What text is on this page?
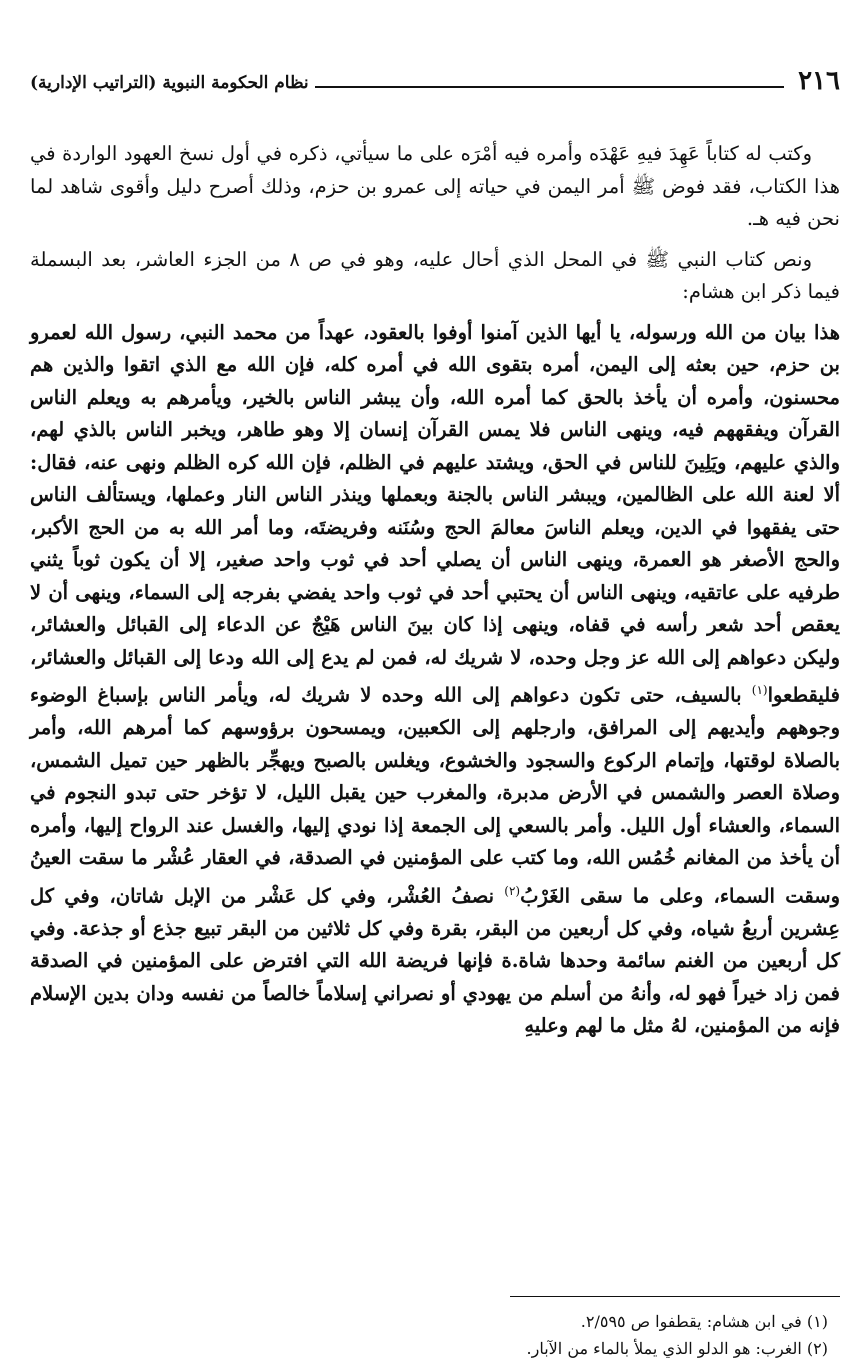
٢١٦
نظام الحكومة النبوية (التراتيب الإدارية)

وكتب له كتاباً عَهِدَ فيهِ عَهْدَه وأمره فيه أمْرَه على ما سيأتي، ذكره في أول نسخ العهود الواردة في هذا الكتاب، فقد فوض ﷺ أمر اليمن في حياته إلى عمرو بن حزم، وذلك أصرح دليل وأقوى شاهد لما نحن فيه هـ.

ونص كتاب النبي ﷺ في المحل الذي أحال عليه، وهو في ص ٨ من الجزء العاشر، بعد البسملة فيما ذكر ابن هشام:

هذا بيان من الله ورسوله، يا أيها الذين آمنوا أوفوا بالعقود، عهداً من محمد النبي، رسول الله لعمرو بن حزم، حين بعثه إلى اليمن، أمره بتقوى الله في أمره كله، فإن الله مع الذي اتقوا والذين هم محسنون، وأمره أن يأخذ بالحق كما أمره الله، وأن يبشر الناس بالخير، ويأمرهم به ويعلم الناس القرآن ويفقههم فيه، وينهى الناس فلا يمس القرآن إنسان إلا وهو طاهر، ويخبر الناس بالذي لهم، والذي عليهم، ويَلِينَ للناس في الحق، ويشتد عليهم في الظلم، فإن الله كره الظلم ونهى عنه، فقال: ألا لعنة الله على الظالمين، ويبشر الناس بالجنة وبعملها وينذر الناس النار وعملها، ويستألف الناس حتى يفقهوا في الدين، ويعلم الناسَ معالمَ الحج وسُنَنه وفريضتَه، وما أمر الله به من الحج الأكبر، والحج الأصغر هو العمرة، وينهى الناس أن يصلي أحد في ثوب واحد صغير، إلا أن يكون ثوباً يثني طرفيه على عاتقيه، وينهى الناس أن يحتبي أحد في ثوب واحد يفضي بفرجه إلى السماء، وينهى أن لا يعقص أحد شعر رأسه في قفاه، وينهى إذا كان بينَ الناس هَيْجٌ عن الدعاء إلى القبائل والعشائر، وليكن دعواهم إلى الله عز وجل وحده، لا شريك له، فمن لم يدع إلى الله ودعا إلى القبائل والعشائر، فليقطعوا$^{(١)}$ بالسيف، حتى تكون دعواهم إلى الله وحده لا شريك له، ويأمر الناس بإسباغ الوضوء وجوههم وأيديهم إلى المرافق، وارجلهم إلى الكعبين، ويمسحون برؤوسهم كما أمرهم الله، وأمر بالصلاة لوقتها، وإتمام الركوع والسجود والخشوع، ويغلس بالصبح ويهجِّر بالظهر حين تميل الشمس، وصلاة العصر والشمس في الأرض مدبرة، والمغرب حين يقبل الليل، لا تؤخر حتى تبدو النجوم في السماء، والعشاء أول الليل. وأمر بالسعي إلى الجمعة إذا نودي إليها، والغسل عند الرواح إليها، وأمره أن يأخذ من المغانم خُمُس الله، وما كتب على المؤمنين في الصدقة، في العقار عُشْر ما سقت العينُ وسقت السماء، وعلى ما سقى الغَرْبُ$^{(٢)}$ نصفُ العُشْر، وفي كل عَشْر من الإبل شاتان، وفي كل عِشرين أربعُ شياه، وفي كل أربعين من البقر، بقرة وفي كل ثلاثين من البقر تبيع جذع أو جذعة. وفي كل أربعين من الغنم سائمة وحدها شاة.ة فإنها فريضة الله التي افترض على المؤمنين في الصدقة فمن زاد خيراً فهو له، وأنهُ من أسلم من يهودي أو نصراني إسلاماً خالصاً من نفسه ودان بدين الإسلام فإنه من المؤمنين، لهُ مثل ما لهم وعليهِ

(١) في ابن هشام: يقطفوا ص ٢/٥٩٥.

(٢) الغرب: هو الدلو الذي يملأ بالماء من الآبار.
